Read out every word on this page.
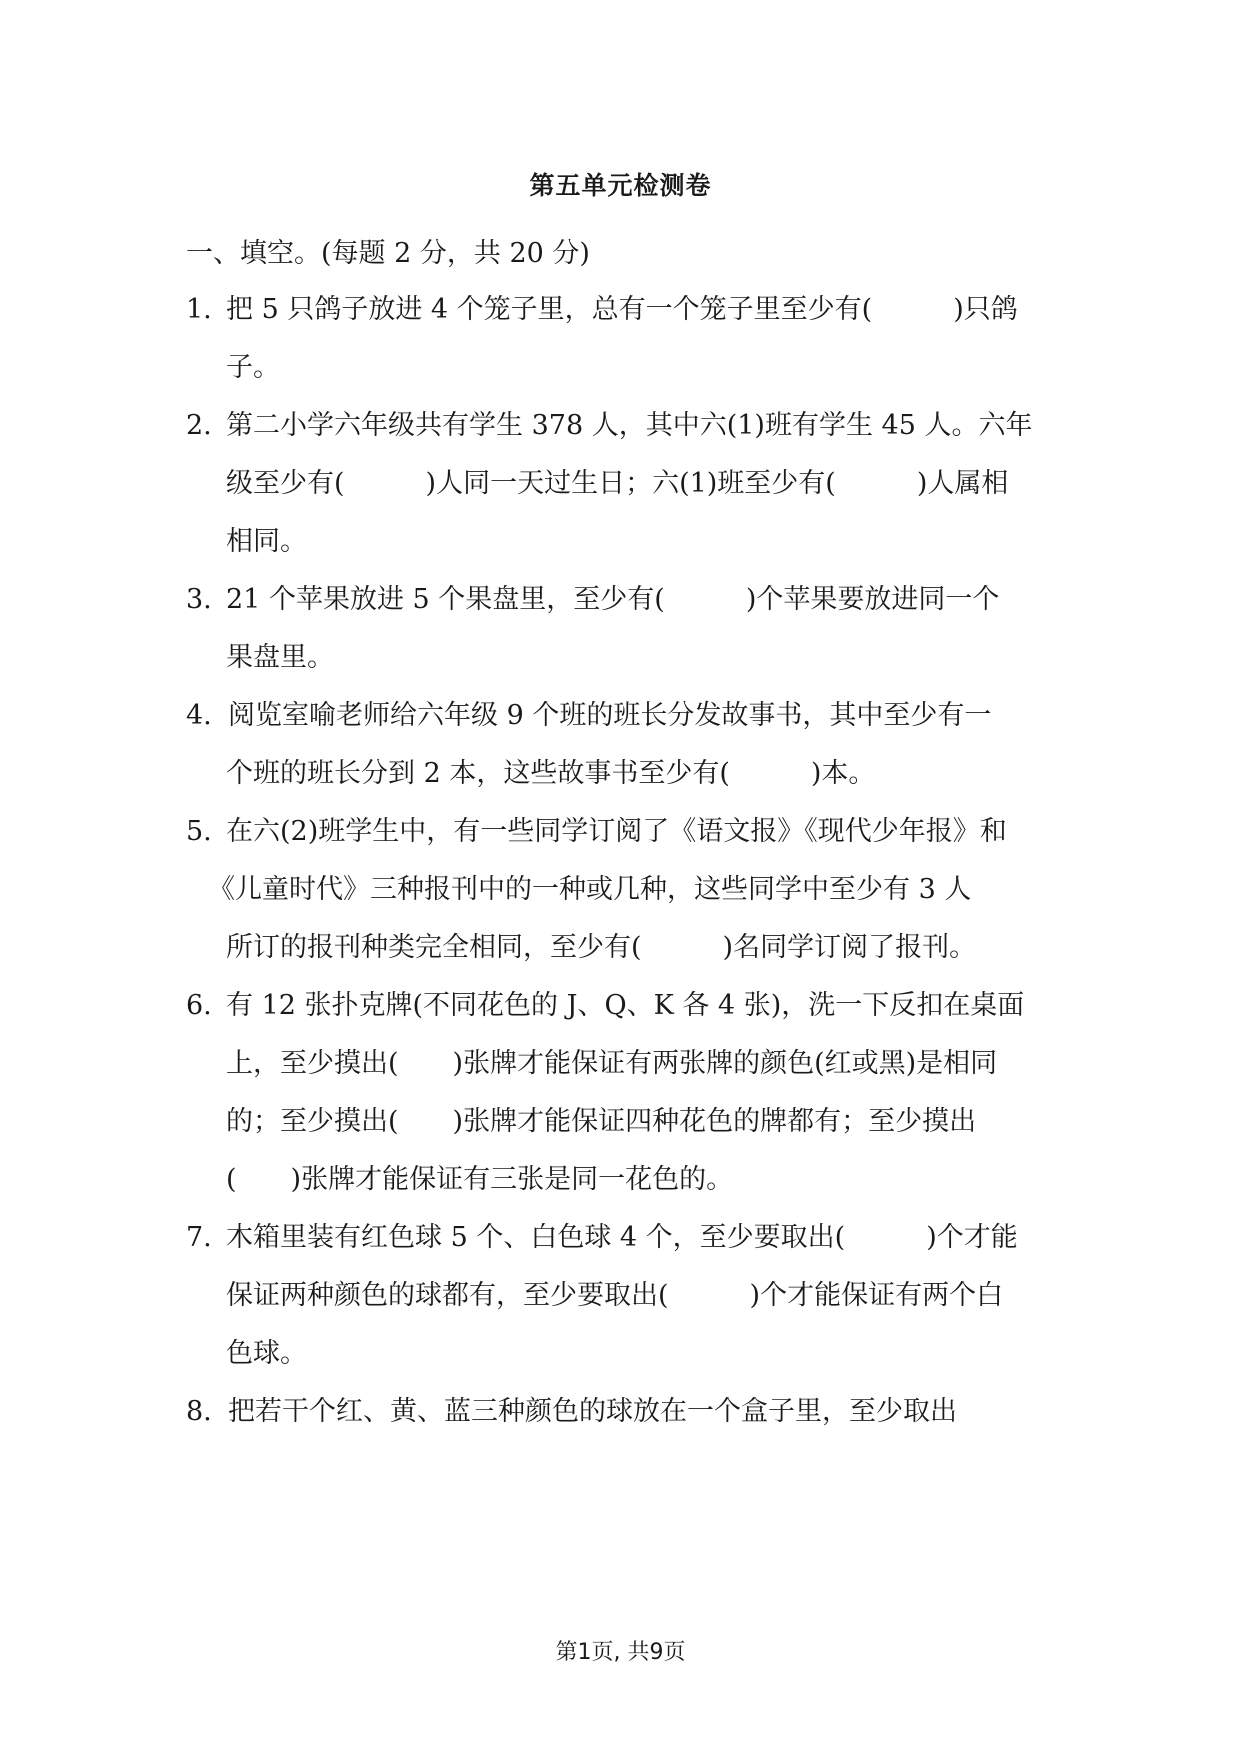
第五单元检测卷
一、填空。(每题 2 分，共 20 分)
1. 把 5 只鸽子放进 4 个笼子里，总有一个笼子里至少有(　　　)只鸽
子。
2. 第二小学六年级共有学生 378 人，其中六(1)班有学生 45 人。六年
级至少有(　　　)人同一天过生日；六(1)班至少有(　　　)人属相
相同。
3. 21 个苹果放进 5 个果盘里，至少有(　　　)个苹果要放进同一个
果盘里。
4. 阅览室喻老师给六年级 9 个班的班长分发故事书，其中至少有一
个班的班长分到 2 本，这些故事书至少有(　　　)本。
5. 在六(2)班学生中，有一些同学订阅了《语文报》《现代少年报》和
《儿童时代》三种报刊中的一种或几种，这些同学中至少有 3 人
所订的报刊种类完全相同，至少有(　　　)名同学订阅了报刊。
6. 有 12 张扑克牌(不同花色的 J、Q、K 各 4 张)，洗一下反扣在桌面
上，至少摸出(　　)张牌才能保证有两张牌的颜色(红或黑)是相同
的；至少摸出(　　)张牌才能保证四种花色的牌都有；至少摸出
(　　)张牌才能保证有三张是同一花色的。
7. 木箱里装有红色球 5 个、白色球 4 个，至少要取出(　　　)个才能
保证两种颜色的球都有，至少要取出(　　　)个才能保证有两个白
色球。
8. 把若干个红、黄、蓝三种颜色的球放在一个盒子里，至少取出
第1页, 共9页
